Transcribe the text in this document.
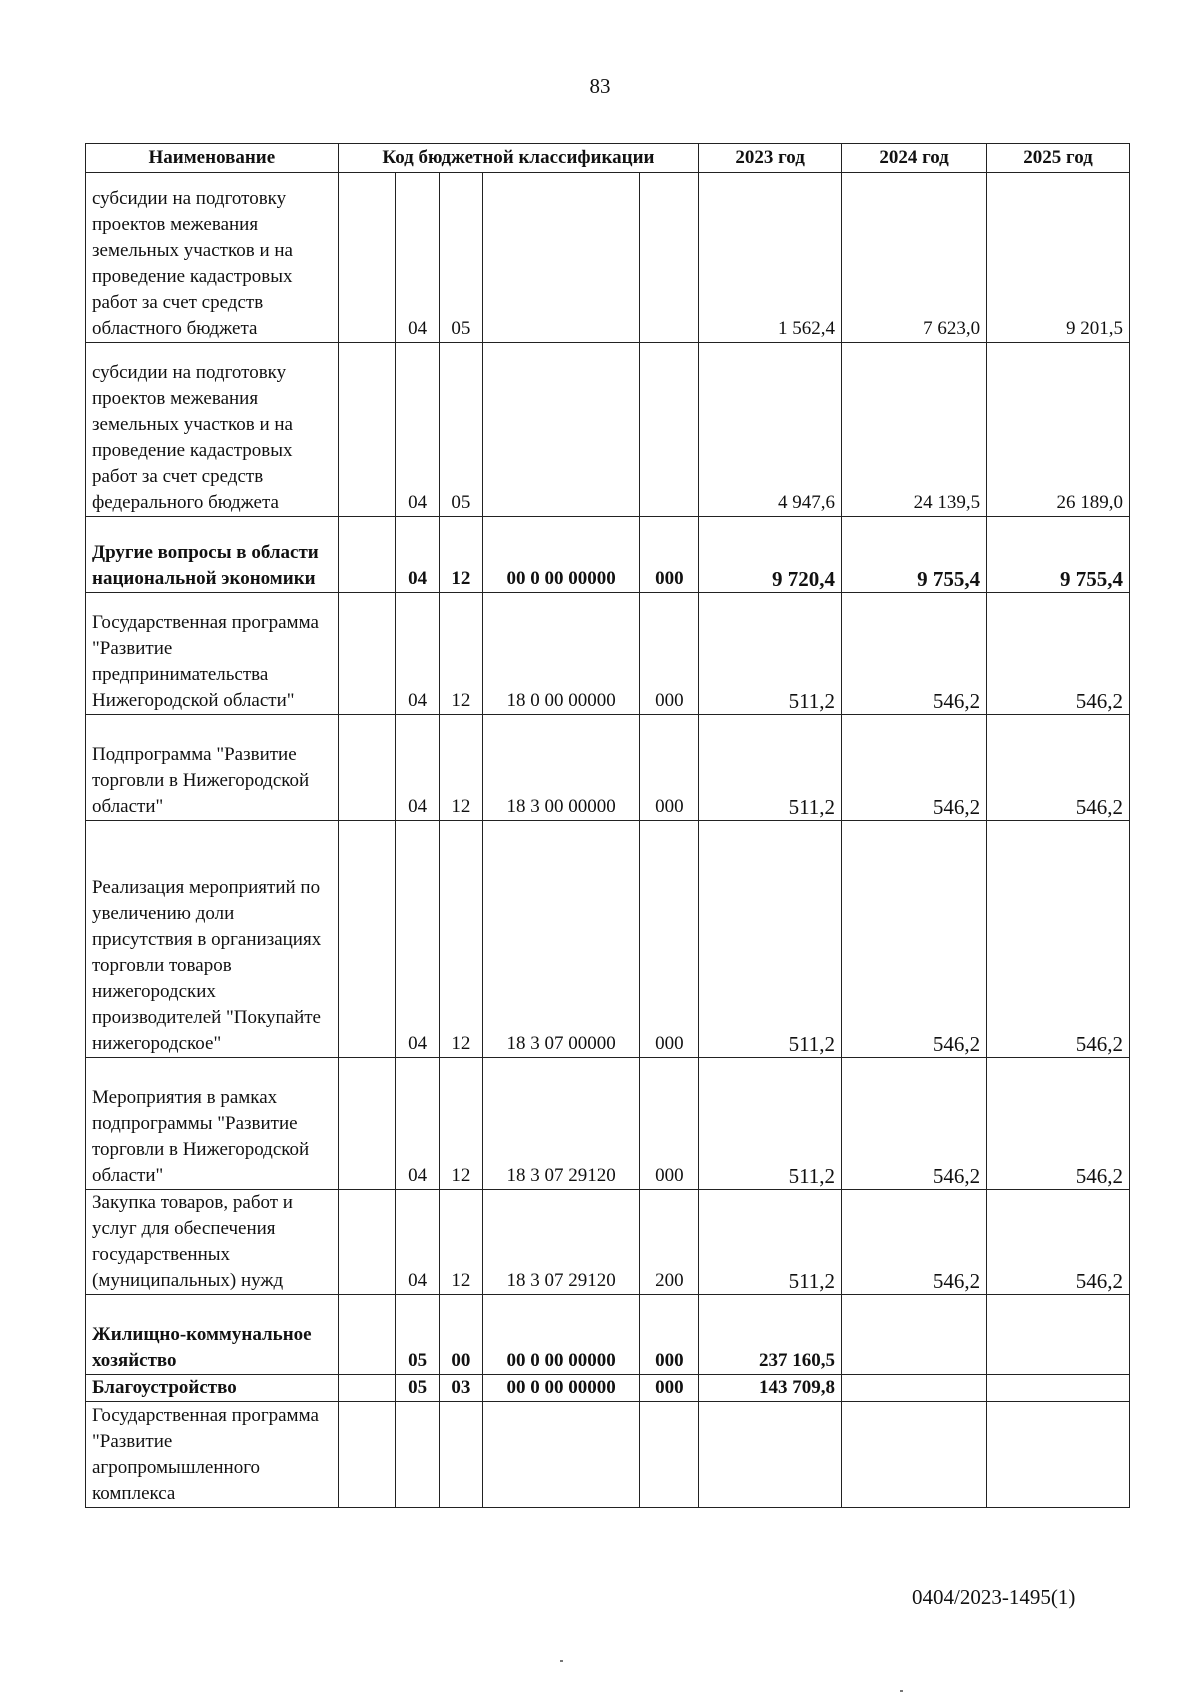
83
Наименование	Код бюджетной классификации					2023 год	2024 год	2025 год
субсидии на подготовку проектов межевания земельных участков и на проведение кадастровых работ за счет средств областного бюджета		04	05			1 562,4	7 623,0	9 201,5
субсидии на подготовку проектов межевания земельных участков и на проведение кадастровых работ за счет средств федерального бюджета		04	05			4 947,6	24 139,5	26 189,0
Другие вопросы в области национальной экономики		04	12	00 0 00 00000	000	9 720,4	9 755,4	9 755,4
Государственная программа "Развитие предпринимательства Нижегородской области"		04	12	18 0 00 00000	000	511,2	546,2	546,2
Подпрограмма "Развитие торговли в Нижегородской области"		04	12	18 3 00 00000	000	511,2	546,2	546,2
Реализация мероприятий по увеличению доли присутствия в организациях торговли товаров нижегородских производителей "Покупайте нижегородское"		04	12	18 3 07 00000	000	511,2	546,2	546,2
Мероприятия в рамках подпрограммы "Развитие торговли в Нижегородской области"		04	12	18 3 07 29120	000	511,2	546,2	546,2
Закупка товаров, работ и услуг для обеспечения государственных (муниципальных) нужд		04	12	18 3 07 29120	200	511,2	546,2	546,2
Жилищно-коммунальное хозяйство		05	00	00 0 00 00000	000	237 160,5		
Благоустройство		05	03	00 0 00 00000	000	143 709,8		
Государственная программа "Развитие агропромышленного комплекса								
0404/2023-1495(1)
